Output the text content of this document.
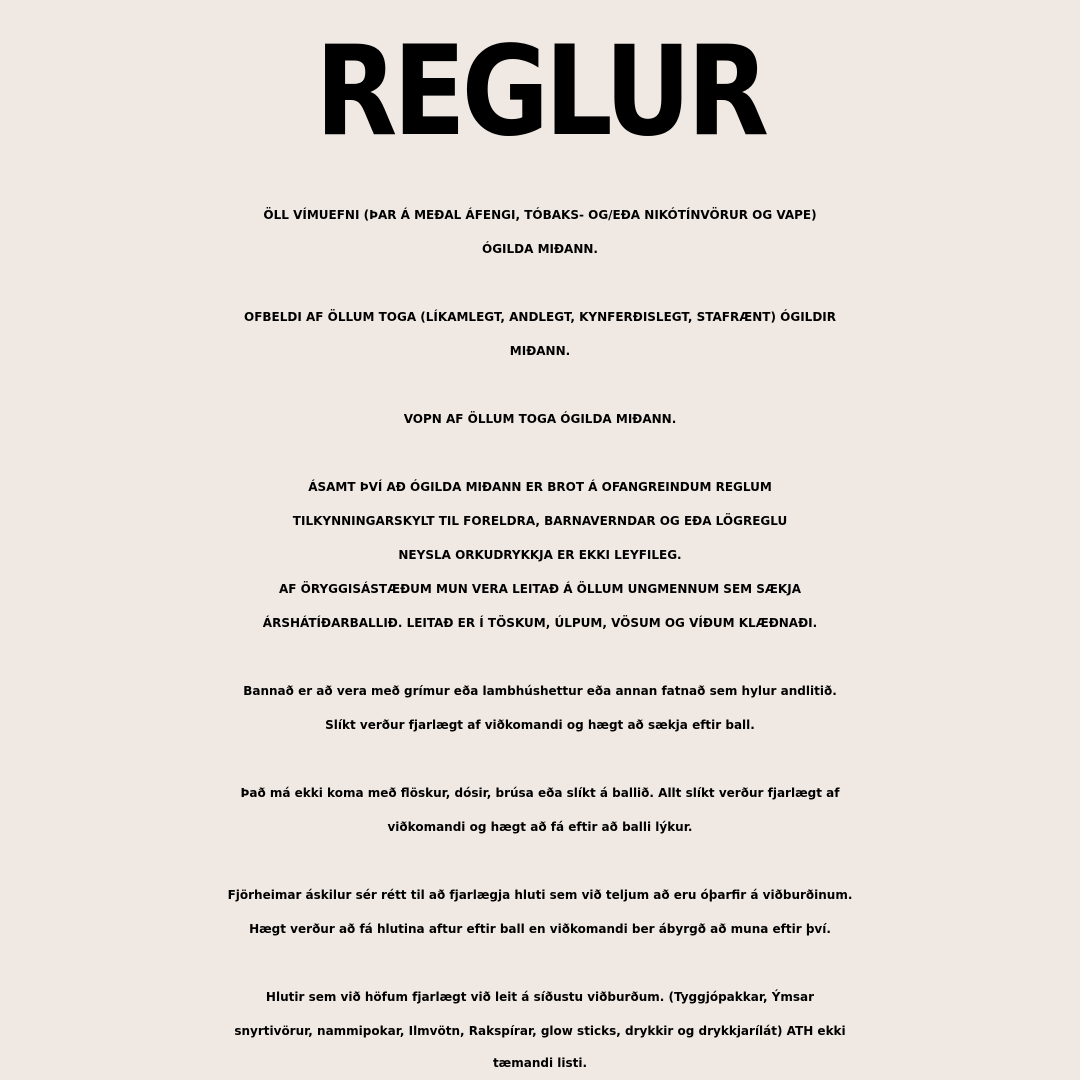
REGLUR

ÖLL VÍMUEFNI (ÞAR Á MEÐAL ÁFENGI, TÓBAKS- OG/EÐA NIKÓTÍNVÖRUR OG VAPE)

ÓGILDA MIÐANN.

OFBELDI AF ÖLLUM TOGA (LÍKAMLEGT, ANDLEGT, KYNFERÐISLEGT, STAFRÆNT) ÓGILDIR

MIÐANN.

VOPN AF ÖLLUM TOGA ÓGILDA MIÐANN.

ÁSAMT ÞVÍ AÐ ÓGILDA MIÐANN ER BROT Á OFANGREINDUM REGLUM

TILKYNNINGARSKYLT TIL FORELDRA, BARNAVERNDAR OG EÐA LÖGREGLU

NEYSLA ORKUDRYKKJA ER EKKI LEYFILEG.

AF ÖRYGGISÁSTÆÐUM MUN VERA LEITAÐ Á ÖLLUM UNGMENNUM SEM SÆKJA

ÁRSHÁTÍÐARBALLIÐ. LEITAÐ ER Í TÖSKUM, ÚLPUM, VÖSUM OG VÍÐUM KLÆÐNAÐI.

Bannað er að vera með grímur eða lambhúshettur eða annan fatnað sem hylur andlitið.

Slíkt verður fjarlægt af viðkomandi og hægt að sækja eftir ball.

Það má ekki koma með flöskur, dósir, brúsa eða slíkt á ballið. Allt slíkt verður fjarlægt af

viðkomandi og hægt að fá eftir að balli lýkur.

Fjörheimar áskilur sér rétt til að fjarlægja hluti sem við teljum að eru óþarfir á viðburðinum.

Hægt verður að fá hlutina aftur eftir ball en viðkomandi ber ábyrgð að muna eftir því.

Hlutir sem við höfum fjarlægt við leit á síðustu viðburðum. (Tyggjópakkar, Ýmsar

snyrtivörur, nammipokar, Ilmvötn, Rakspírar, glow sticks, drykkir og drykkjarílát) ATH ekki

tæmandi listi.
